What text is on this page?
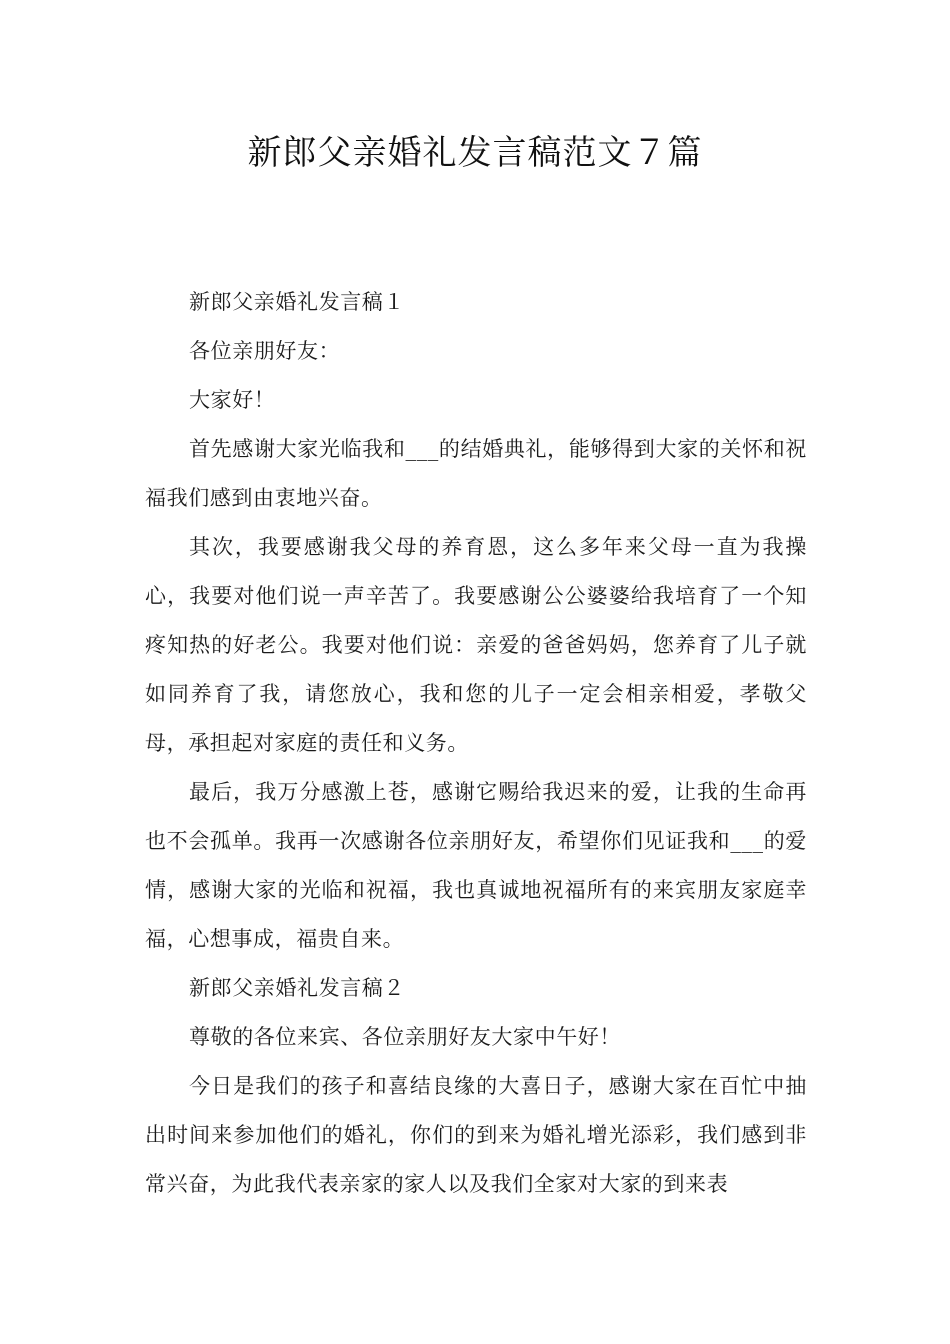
新郎父亲婚礼发言稿范文７篇

新郎父亲婚礼发言稿１

各位亲朋好友：

大家好！

首先感谢大家光临我和___的结婚典礼，能够得到大家的关怀和祝福我们感到由衷地兴奋。

其次，我要感谢我父母的养育恩，这么多年来父母一直为我操心，我要对他们说一声辛苦了。我要感谢公公婆婆给我培育了一个知疼知热的好老公。我要对他们说：亲爱的爸爸妈妈，您养育了儿子就如同养育了我，请您放心，我和您的儿子一定会相亲相爱，孝敬父母，承担起对家庭的责任和义务。

最后，我万分感激上苍，感谢它赐给我迟来的爱，让我的生命再也不会孤单。我再一次感谢各位亲朋好友，希望你们见证我和___的爱情，感谢大家的光临和祝福，我也真诚地祝福所有的来宾朋友家庭幸福，心想事成，福贵自来。

新郎父亲婚礼发言稿２

尊敬的各位来宾、各位亲朋好友大家中午好！

今日是我们的孩子和喜结良缘的大喜日子，感谢大家在百忙中抽出时间来参加他们的婚礼，你们的到来为婚礼增光添彩，我们感到非常兴奋，为此我代表亲家的家人以及我们全家对大家的到来表
